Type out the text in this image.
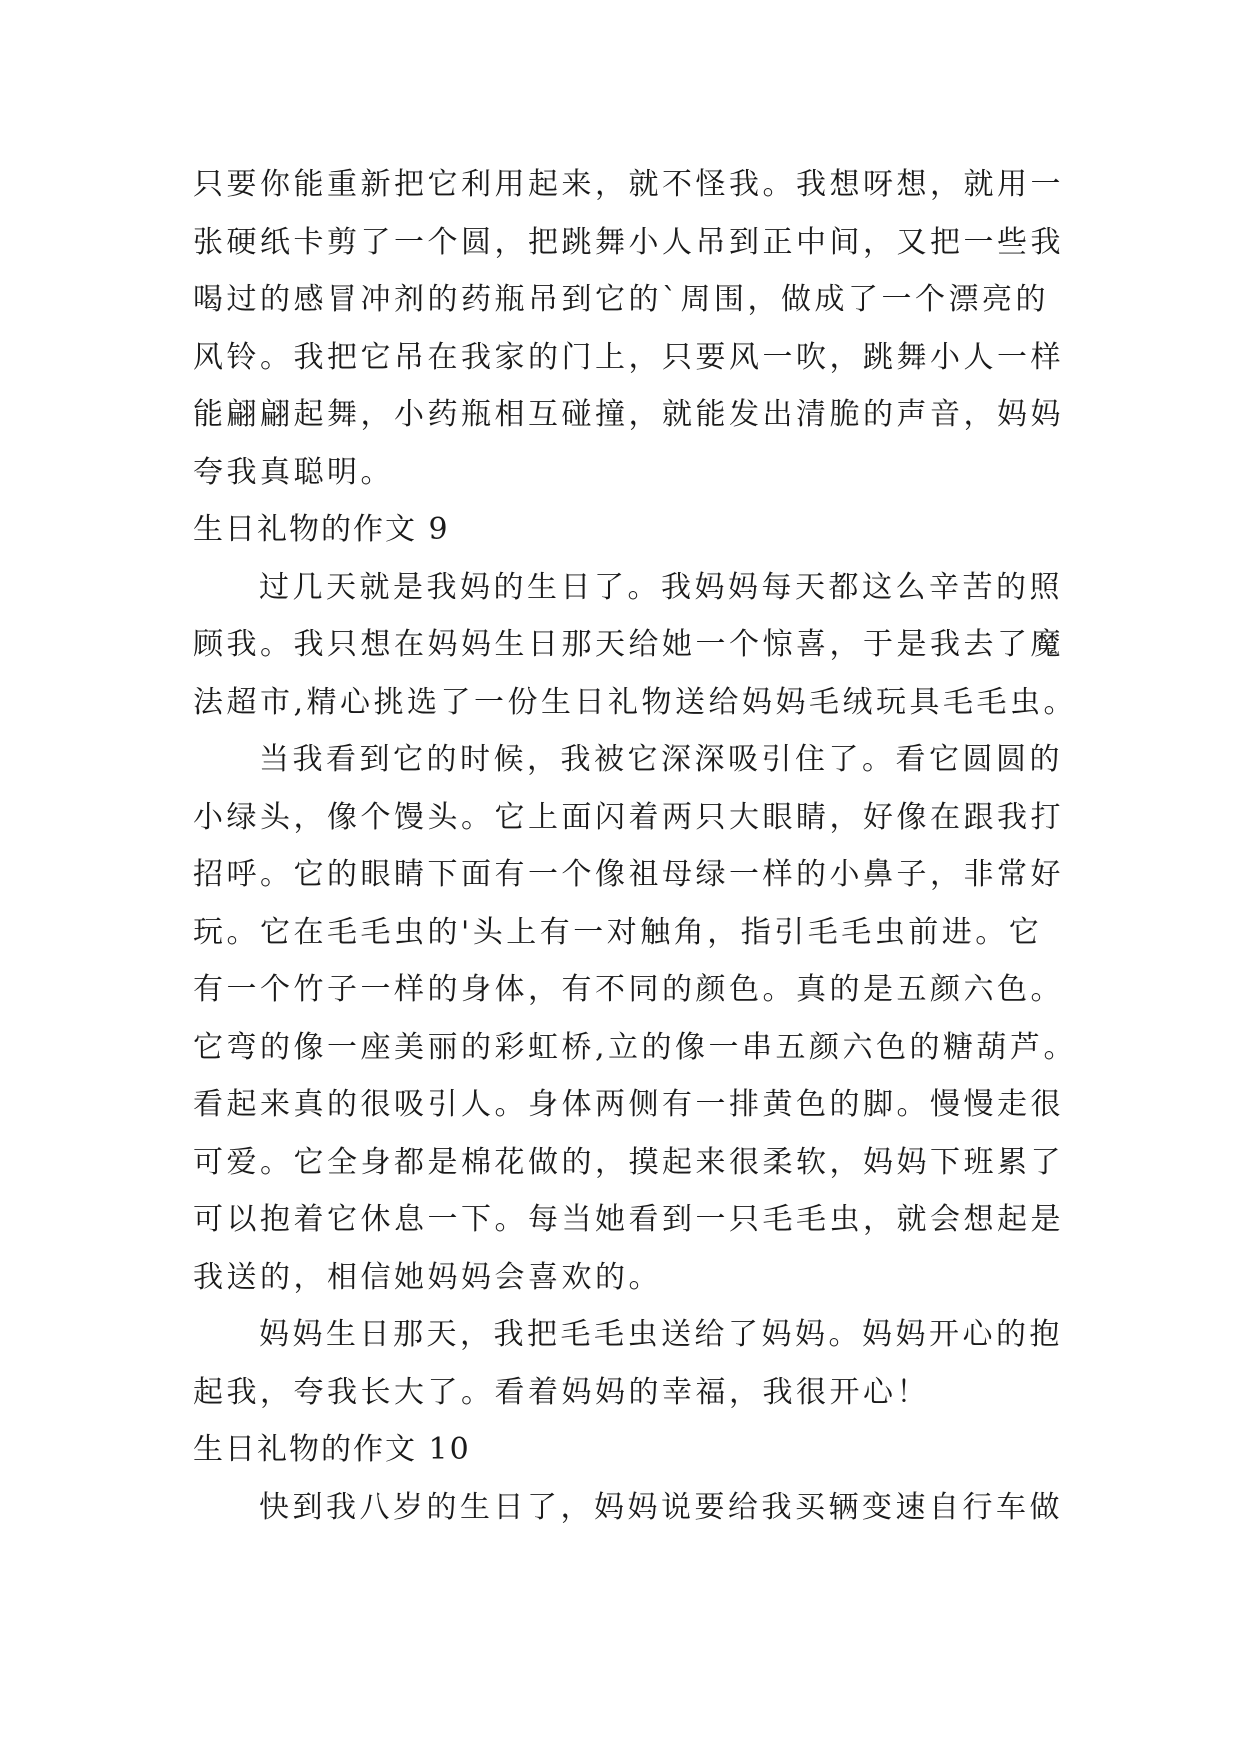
只要你能重新把它利用起来，就不怪我。我想呀想，就用一
张硬纸卡剪了一个圆，把跳舞小人吊到正中间，又把一些我
喝过的感冒冲剂的药瓶吊到它的`周围，做成了一个漂亮的
风铃。我把它吊在我家的门上，只要风一吹，跳舞小人一样
能翩翩起舞，小药瓶相互碰撞，就能发出清脆的声音，妈妈
夸我真聪明。
生日礼物的作文 9
过几天就是我妈的生日了。我妈妈每天都这么辛苦的照
顾我。我只想在妈妈生日那天给她一个惊喜，于是我去了魔
法超市,精心挑选了一份生日礼物送给妈妈毛绒玩具毛毛虫。
当我看到它的时候，我被它深深吸引住了。看它圆圆的
小绿头，像个馒头。它上面闪着两只大眼睛，好像在跟我打
招呼。它的眼睛下面有一个像祖母绿一样的小鼻子，非常好
玩。它在毛毛虫的'头上有一对触角，指引毛毛虫前进。它
有一个竹子一样的身体，有不同的颜色。真的是五颜六色。
它弯的像一座美丽的彩虹桥,立的像一串五颜六色的糖葫芦。
看起来真的很吸引人。身体两侧有一排黄色的脚。慢慢走很
可爱。它全身都是棉花做的，摸起来很柔软，妈妈下班累了
可以抱着它休息一下。每当她看到一只毛毛虫，就会想起是
我送的，相信她妈妈会喜欢的。
妈妈生日那天，我把毛毛虫送给了妈妈。妈妈开心的抱
起我，夸我长大了。看着妈妈的幸福，我很开心！
生日礼物的作文 10
快到我八岁的生日了，妈妈说要给我买辆变速自行车做
